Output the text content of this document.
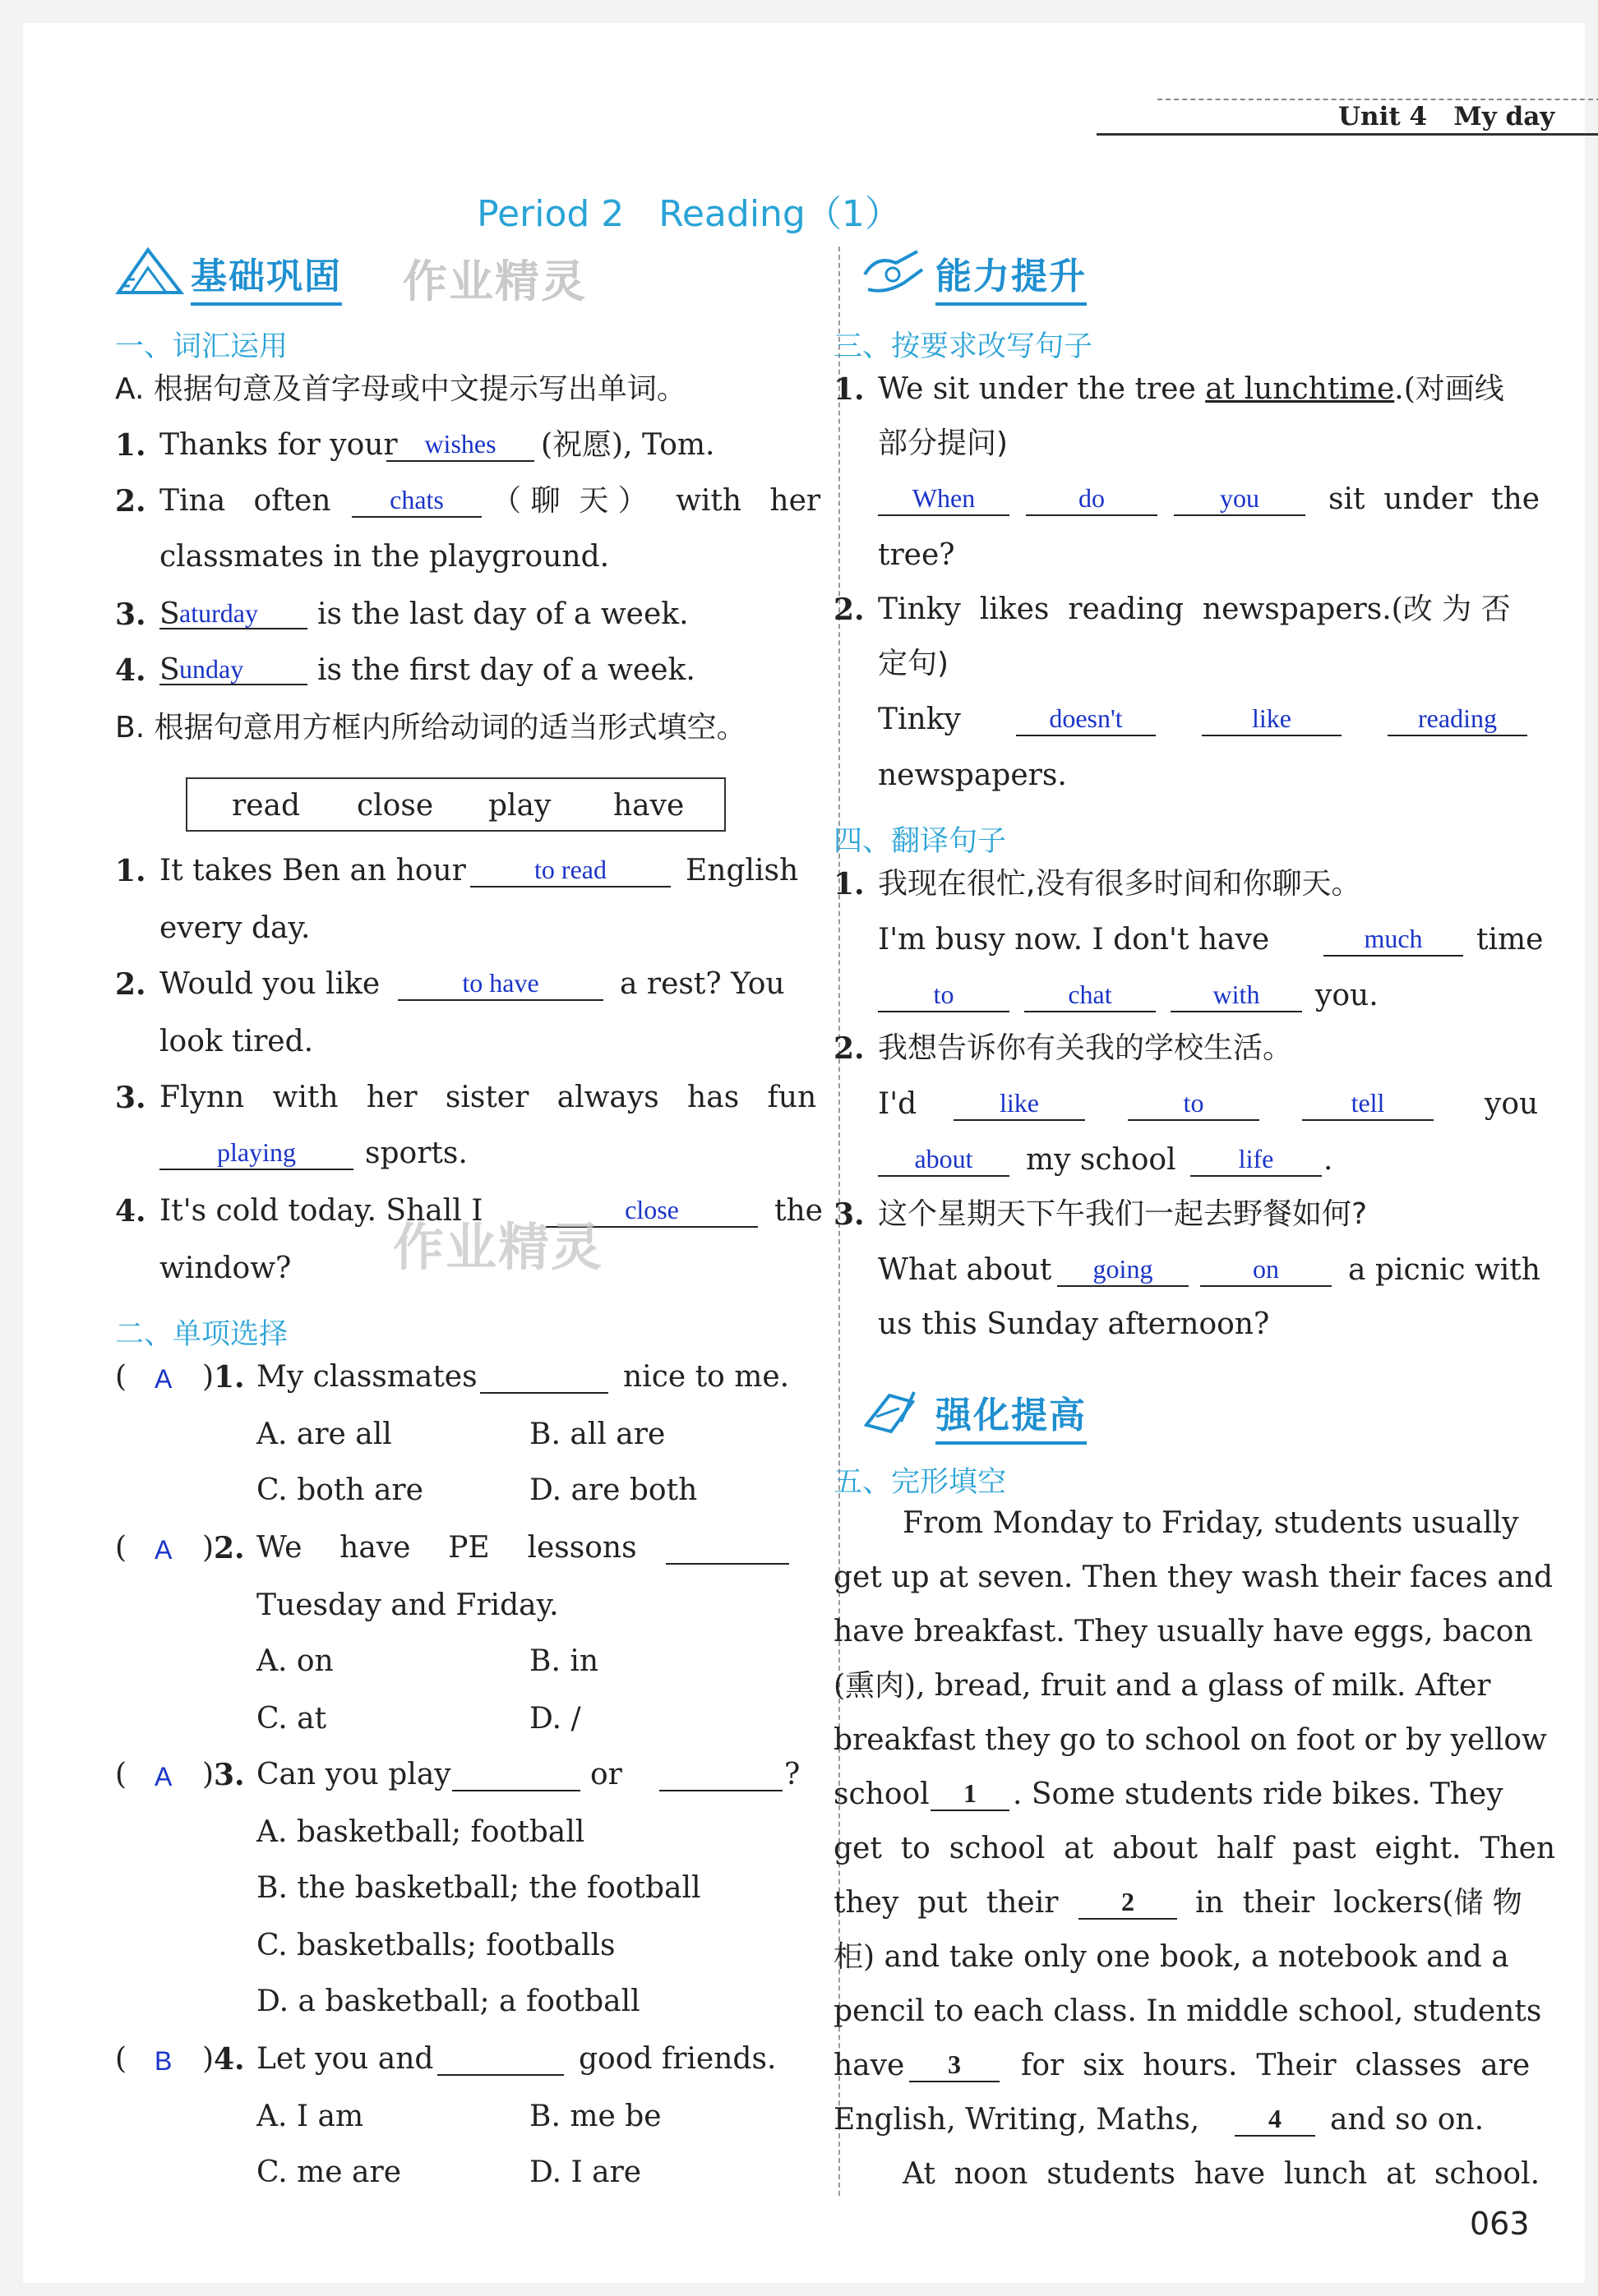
Unit 4 My day
Period 2   Reading（1）
基础巩固 作业精灵
一、词汇运用
A. 根据句意及首字母或中文提示写出单词。
1. Thanks for your	wishes	(祝愿), Tom.
2. Tina   often	chats	（ 聊  天 ）   with   her
classmates in the playground.
3. S aturday	is the last day of a week.
4. S unday	is the first day of a week.
B. 根据句意用方框内所给动词的适当形式填空。
read close play have
1. It takes Ben an hour	to read	English
every day.
2. Would you like	to have	a rest? You
look tired.
3. Flynn   with   her   sister   always   has   fun
playing	sports.
4. It's cold today. Shall I	close	the
window? 作业精灵
二、单项选择
( A ) 1. My classmates	nice to me.
A. are all	B. all are
C. both are	D. are both
( A ) 2. We    have    PE    lessons
Tuesday and Friday.
A. on	B. in
C. at	D. /
( A ) 3. Can you play	or	?
A. basketball; football
B. the basketball; the football
C. basketballs; footballs
D. a basketball; a football
( B ) 4. Let you and	good friends.
A. I am	B. me be
C. me are	D. I are
能力提升
三、按要求改写句子
1. We sit under the tree at lunchtime.(对画线
部分提问)
When	do	you	sit  under  the
tree?
2. Tinky  likes  reading  newspapers.(改 为 否
定句)
Tinky	doesn't	like	reading
newspapers.
四、翻译句子
1. 我现在很忙,没有很多时间和你聊天。
I'm busy now. I don't have	much	time
to	chat	with	you.
2. 我想告诉你有关我的学校生活。
I'd	like	to	tell	you
about	my school	life	.
3. 这个星期天下午我们一起去野餐如何?
What about	going	on	a picnic with
us this Sunday afternoon?
强化提高
五、完形填空
From Monday to Friday, students usually
get up at seven. Then they wash their faces and
have breakfast. They usually have eggs, bacon
(熏肉), bread, fruit and a glass of milk. After
breakfast they go to school on foot or by yellow
school	1	. Some students ride bikes. They
get  to  school  at  about  half  past  eight.  Then
they  put  their	2	in  their  lockers(储 物
柜) and take only one book, a notebook and a
pencil to each class. In middle school, students
have	3	for  six  hours.  Their  classes  are
English, Writing, Maths,	4	and so on.
At  noon  students  have  lunch  at  school.
063
